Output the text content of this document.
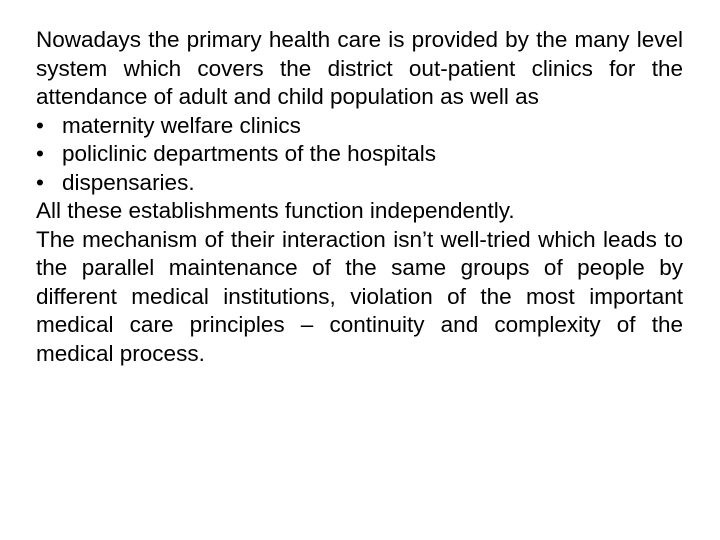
Nowadays the primary health care is provided by the many level system which covers the district out-patient clinics for the attendance of adult and child population as well as

• maternity welfare clinics
• policlinic departments of the hospitals
• dispensaries.

All these establishments function independently.

The mechanism of their interaction isn’t well-tried which leads to the parallel maintenance of the same groups of people by different medical institutions, violation of the most important medical care principles – continuity and complexity of the medical process.
